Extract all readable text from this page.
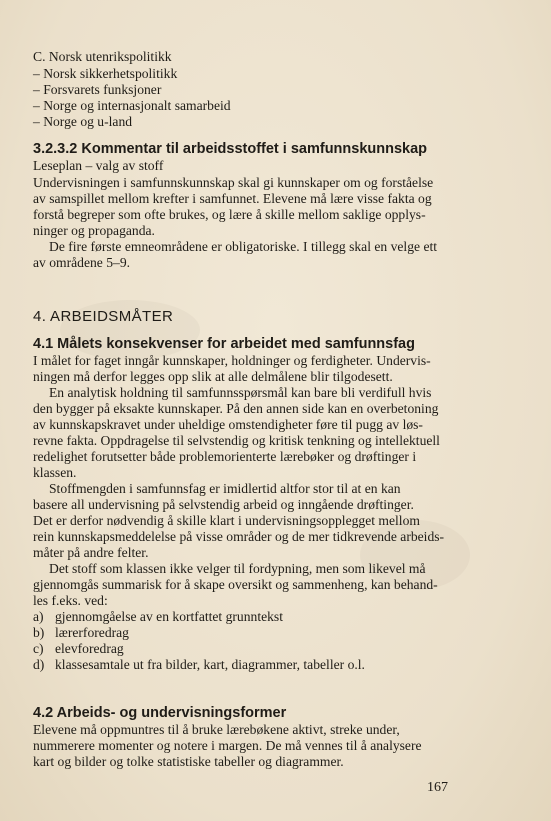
C. Norsk utenrikspolitikk
– Norsk sikkerhetspolitikk
– Forsvarets funksjoner
– Norge og internasjonalt samarbeid
– Norge og u-land
3.2.3.2 Kommentar til arbeidsstoffet i samfunnskunnskap
Leseplan – valg av stoff
Undervisningen i samfunnskunnskap skal gi kunnskaper om og forståelse
av samspillet mellom krefter i samfunnet. Elevene må lære visse fakta og
forstå begreper som ofte brukes, og lære å skille mellom saklige opplys-
ninger og propaganda.
De fire første emneområdene er obligatoriske. I tillegg skal en velge ett
av områdene 5–9.
4. ARBEIDSMÅTER
4.1 Målets konsekvenser for arbeidet med samfunnsfag
I målet for faget inngår kunnskaper, holdninger og ferdigheter. Undervis-
ningen må derfor legges opp slik at alle delmålene blir tilgodesett.
En analytisk holdning til samfunnsspørsmål kan bare bli verdifull hvis
den bygger på eksakte kunnskaper. På den annen side kan en overbetoning
av kunnskapskravet under uheldige omstendigheter føre til pugg av løs-
revne fakta. Oppdragelse til selvstendig og kritisk tenkning og intellektuell
redelighet forutsetter både problemorienterte lærebøker og drøftinger i
klassen.
Stoffmengden i samfunnsfag er imidlertid altfor stor til at en kan
basere all undervisning på selvstendig arbeid og inngående drøftinger.
Det er derfor nødvendig å skille klart i undervisningsopplegget mellom
rein kunnskapsmeddelelse på visse områder og de mer tidkrevende arbeids-
måter på andre felter.
Det stoff som klassen ikke velger til fordypning, men som likevel må
gjennomgås summarisk for å skape oversikt og sammenheng, kan behand-
les f.eks. ved:
a) gjennomgåelse av en kortfattet grunntekst
b) lærerforedrag
c) elevforedrag
d) klassesamtale ut fra bilder, kart, diagrammer, tabeller o.l.
4.2 Arbeids- og undervisningsformer
Elevene må oppmuntres til å bruke lærebøkene aktivt, streke under,
nummerere momenter og notere i margen. De må vennes til å analysere
kart og bilder og tolke statistiske tabeller og diagrammer.
167
